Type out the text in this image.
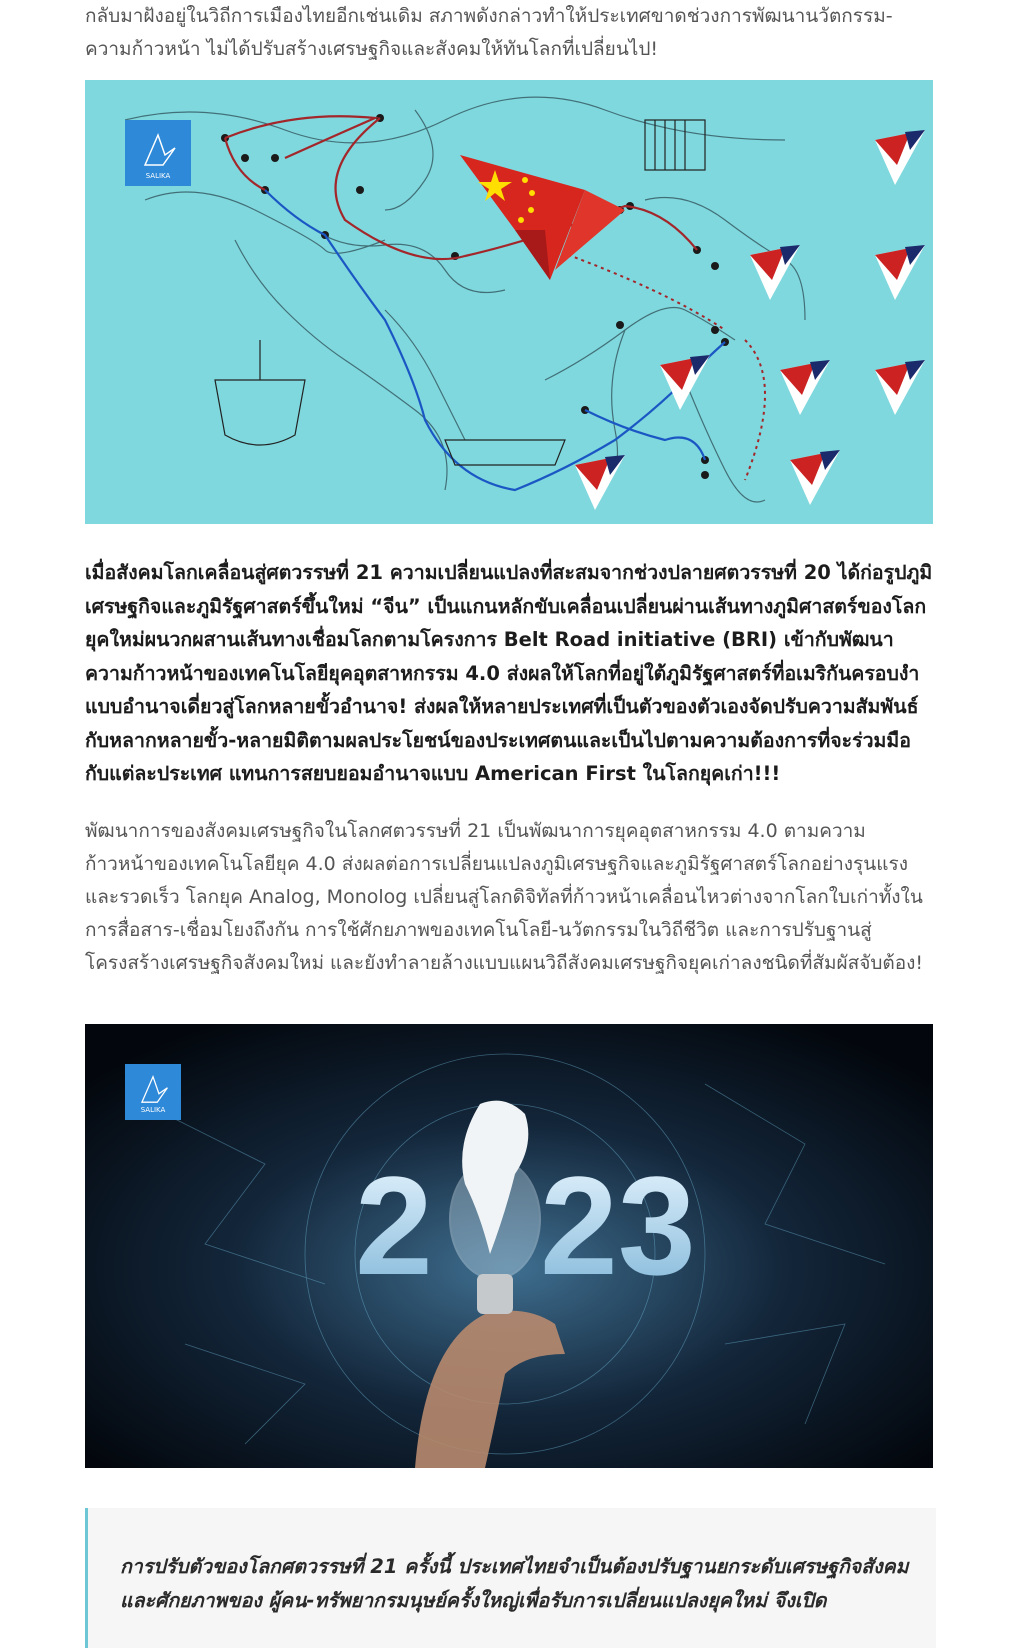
กลับมาฝังอยู่ในวิถีการเมืองไทยอีกเช่นเดิม สภาพดังกล่าวทำให้ประเทศขาดช่วงการพัฒนานวัตกรรม-ความก้าวหน้า ไม่ได้ปรับสร้างเศรษฐกิจและสังคมให้ทันโลกที่เปลี่ยนไป!

SALIKA

เมื่อสังคมโลกเคลื่อนสู่ศตวรรษที่ 21 ความเปลี่ยนแปลงที่สะสมจากช่วงปลายศตวรรษที่ 20 ได้ก่อรูปภูมิเศรษฐกิจและภูมิรัฐศาสตร์ขึ้นใหม่ “จีน” เป็นแกนหลักขับเคลื่อนเปลี่ยนผ่านเส้นทางภูมิศาสตร์ของโลกยุคใหม่ผนวกผสานเส้นทางเชื่อมโลกตามโครงการ Belt Road initiative (BRI) เข้ากับพัฒนาความก้าวหน้าของเทคโนโลยียุคอุตสาหกรรม 4.0 ส่งผลให้โลกที่อยู่ใต้ภูมิรัฐศาสตร์ที่อเมริกันครอบงำแบบอำนาจเดี่ยวสู่โลกหลายขั้วอำนาจ! ส่งผลให้หลายประเทศที่เป็นตัวของตัวเองจัดปรับความสัมพันธ์กับหลากหลายขั้ว-หลายมิติตามผลประโยชน์ของประเทศตนและเป็นไปตามความต้องการที่จะร่วมมือกับแต่ละประเทศ แทนการสยบยอมอำนาจแบบ American First ในโลกยุคเก่า!!!

พัฒนาการของสังคมเศรษฐกิจในโลกศตวรรษที่ 21 เป็นพัฒนาการยุคอุตสาหกรรม 4.0 ตามความก้าวหน้าของเทคโนโลยียุค 4.0 ส่งผลต่อการเปลี่ยนแปลงภูมิเศรษฐกิจและภูมิรัฐศาสตร์โลกอย่างรุนแรงและรวดเร็ว โลกยุค Analog, Monolog เปลี่ยนสู่โลกดิจิทัลที่ก้าวหน้าเคลื่อนไหวต่างจากโลกใบเก่าทั้งในการสื่อสาร-เชื่อมโยงถึงกัน การใช้ศักยภาพของเทคโนโลยี-นวัตกรรมในวิถีชีวิต และการปรับฐานสู่โครงสร้างเศรษฐกิจสังคมใหม่ และยังทำลายล้างแบบแผนวิถีสังคมเศรษฐกิจยุคเก่าลงชนิดที่สัมผัสจับต้อง!

2 23
SALIKA

การปรับตัวของโลกศตวรรษที่ 21 ครั้งนี้ ประเทศไทยจำเป็นต้องปรับฐานยกระดับเศรษฐกิจสังคม และศักยภาพของ ผู้คน-ทรัพยากรมนุษย์ครั้งใหญ่เพื่อรับการเปลี่ยนแปลงยุคใหม่ จึงเปิด
